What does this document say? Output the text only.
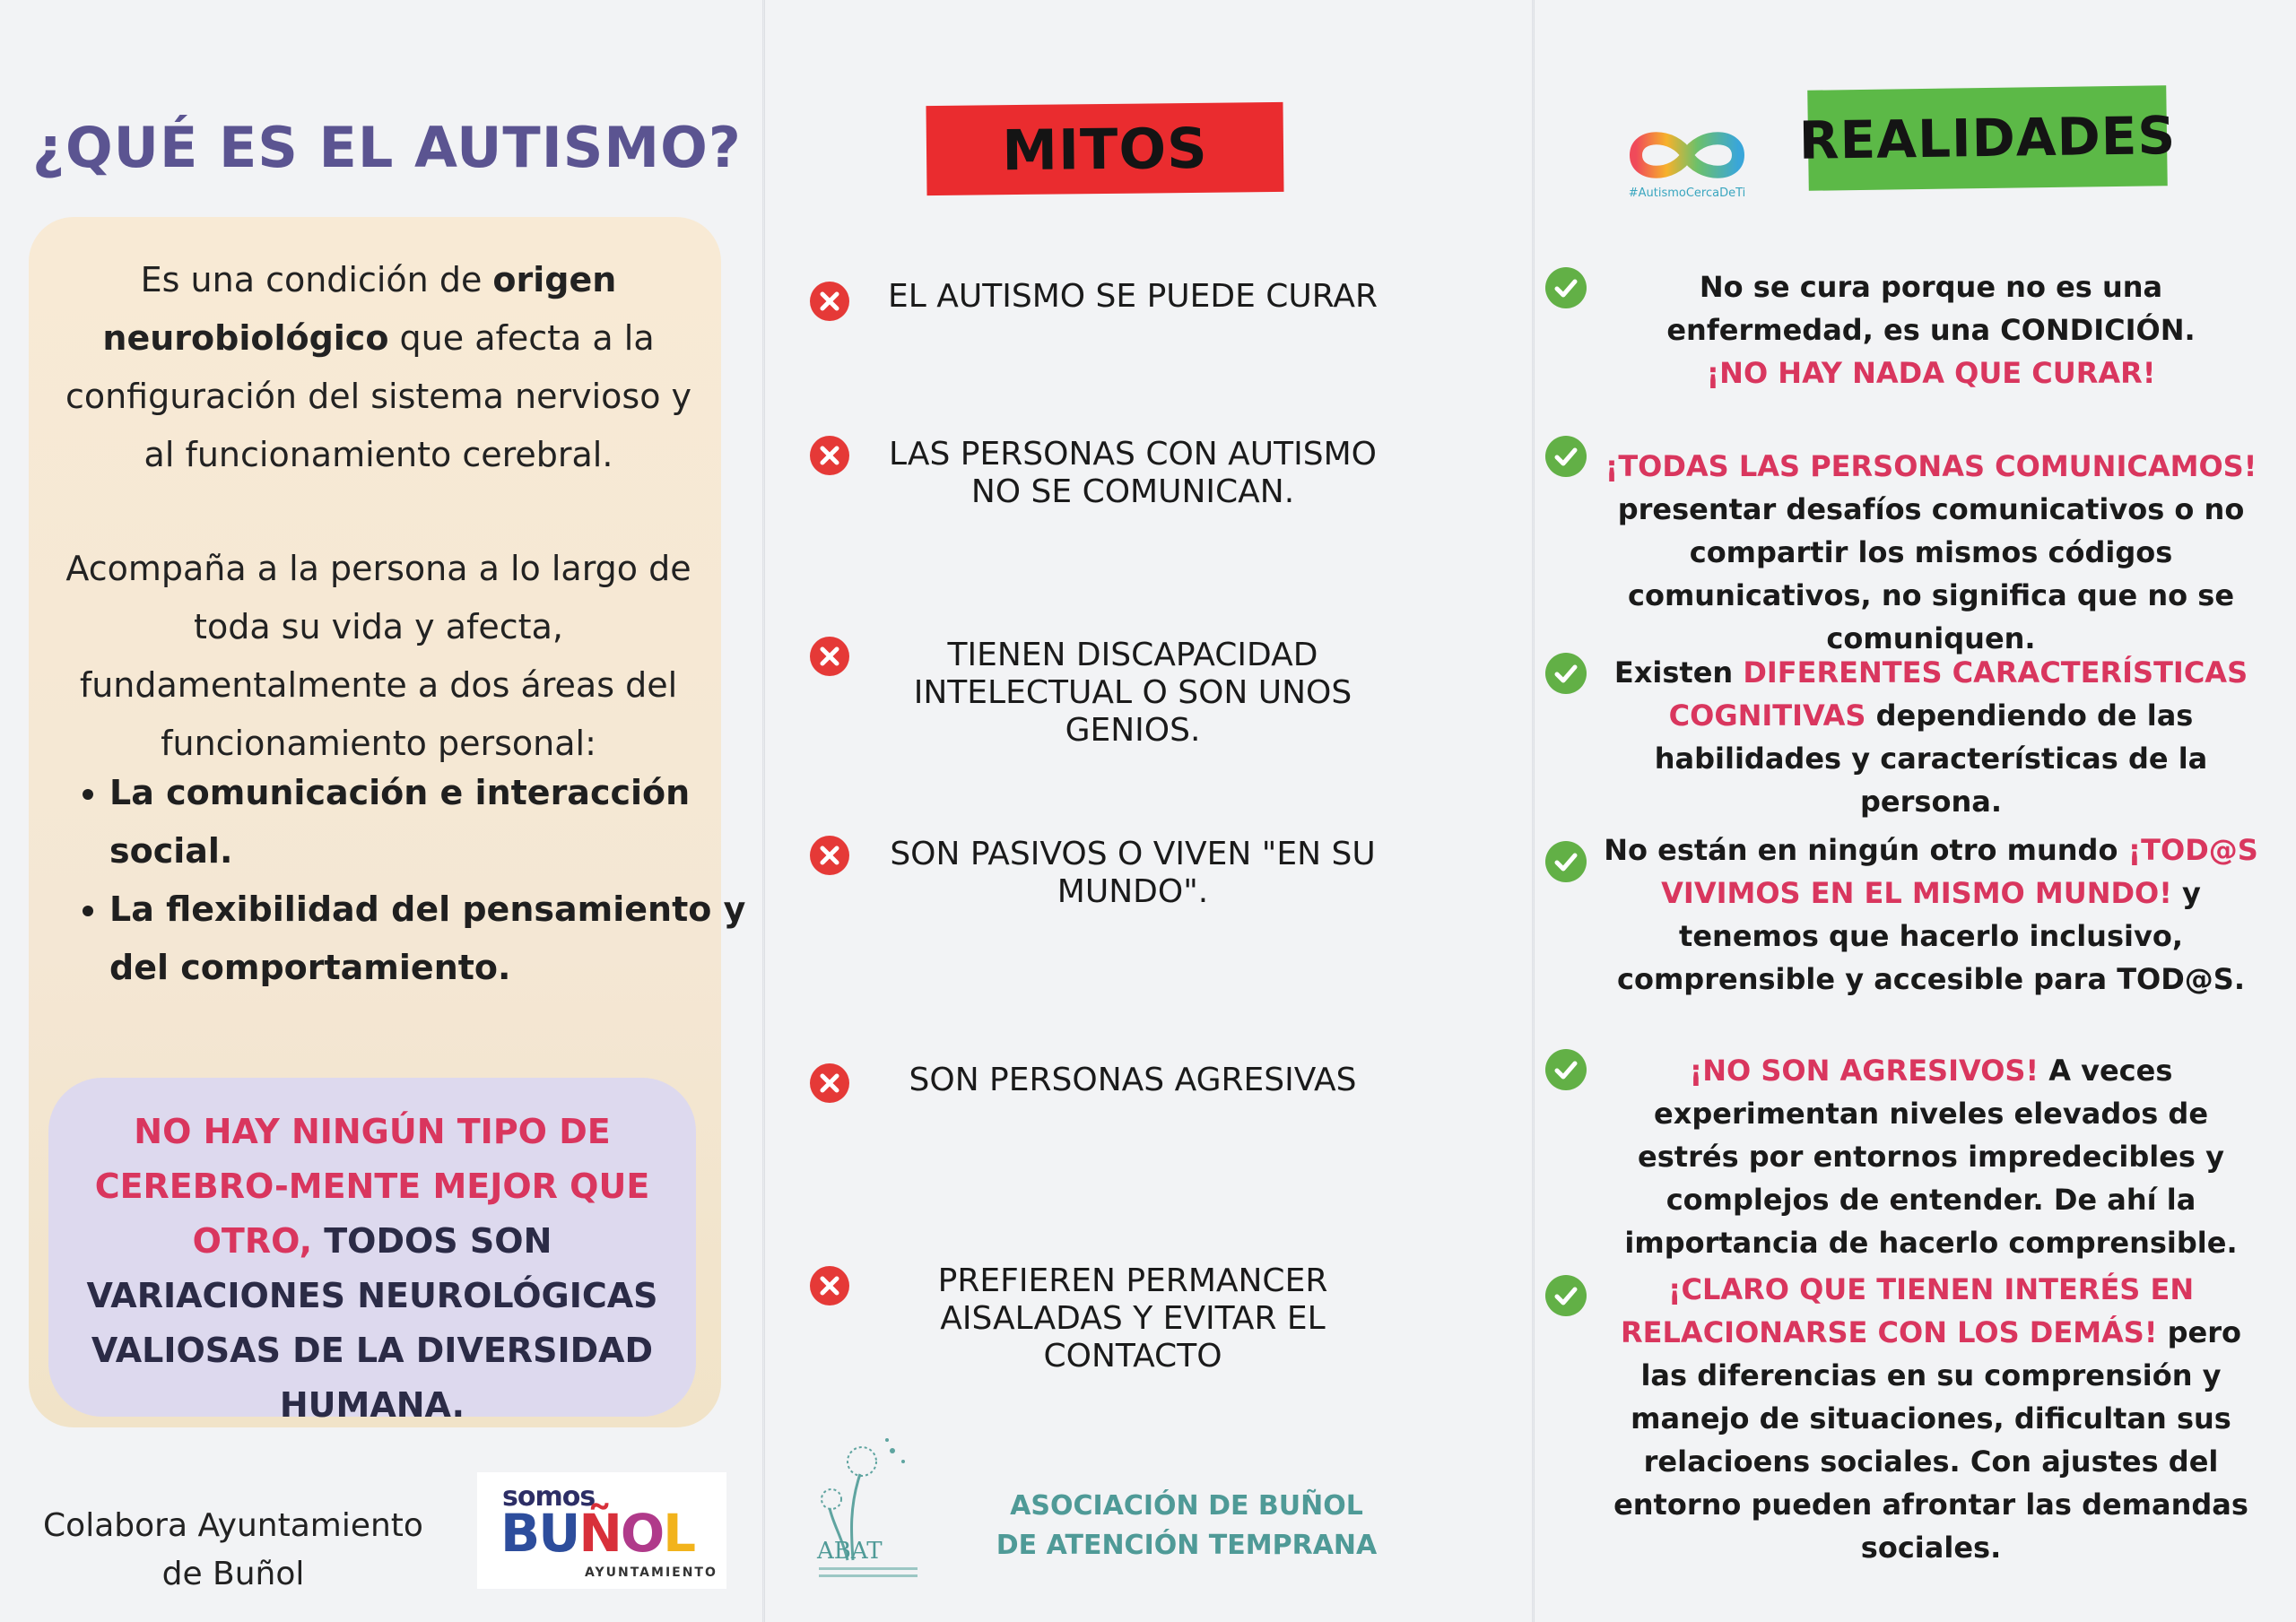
¿QUÉ ES EL AUTISMO?
Es una condición de origen neurobiológico que afecta a la configuración del sistema nervioso y al funcionamiento cerebral.
Acompaña a la persona a lo largo de toda su vida y afecta, fundamentalmente a dos áreas del funcionamiento personal:
• La comunicación e interacción social.
• La flexibilidad del pensamiento y del comportamiento.
NO HAY NINGÚN TIPO DE CEREBRO-MENTE MEJOR QUE OTRO, TODOS SON VARIACIONES NEUROLÓGICAS VALIOSAS DE LA DIVERSIDAD HUMANA.
Colabora Ayuntamiento de Buñol
somos
BUÑOL
AYUNTAMIENTO
MITOS
EL AUTISMO SE PUEDE CURAR
LAS PERSONAS CON AUTISMO NO SE COMUNICAN.
TIENEN DISCAPACIDAD INTELECTUAL O SON UNOS GENIOS.
SON PASIVOS O VIVEN "EN SU MUNDO".
SON PERSONAS AGRESIVAS
PREFIEREN PERMANCER AISALADAS Y EVITAR EL CONTACTO
ABAT
ASOCIACIÓN DE BUÑOL DE ATENCIÓN TEMPRANA
#AutismoCercaDeTi
REALIDADES
No se cura porque no es una enfermedad, es una CONDICIÓN.
¡NO HAY NADA QUE CURAR!
¡TODAS LAS PERSONAS COMUNICAMOS!
presentar desafíos comunicativos o no compartir los mismos códigos comunicativos, no significa que no se comuniquen.
Existen DIFERENTES CARACTERÍSTICAS COGNITIVAS dependiendo de las habilidades y características de la persona.
No están en ningún otro mundo ¡TOD@S VIVIMOS EN EL MISMO MUNDO! y tenemos que hacerlo inclusivo, comprensible y accesible para TOD@S.
¡NO SON AGRESIVOS! A veces experimentan niveles elevados de estrés por entornos impredecibles y complejos de entender. De ahí la importancia de hacerlo comprensible.
¡CLARO QUE TIENEN INTERÉS EN RELACIONARSE CON LOS DEMÁS! pero las diferencias en su comprensión y manejo de situaciones, dificultan sus relacioens sociales. Con ajustes del entorno pueden afrontar las demandas sociales.
